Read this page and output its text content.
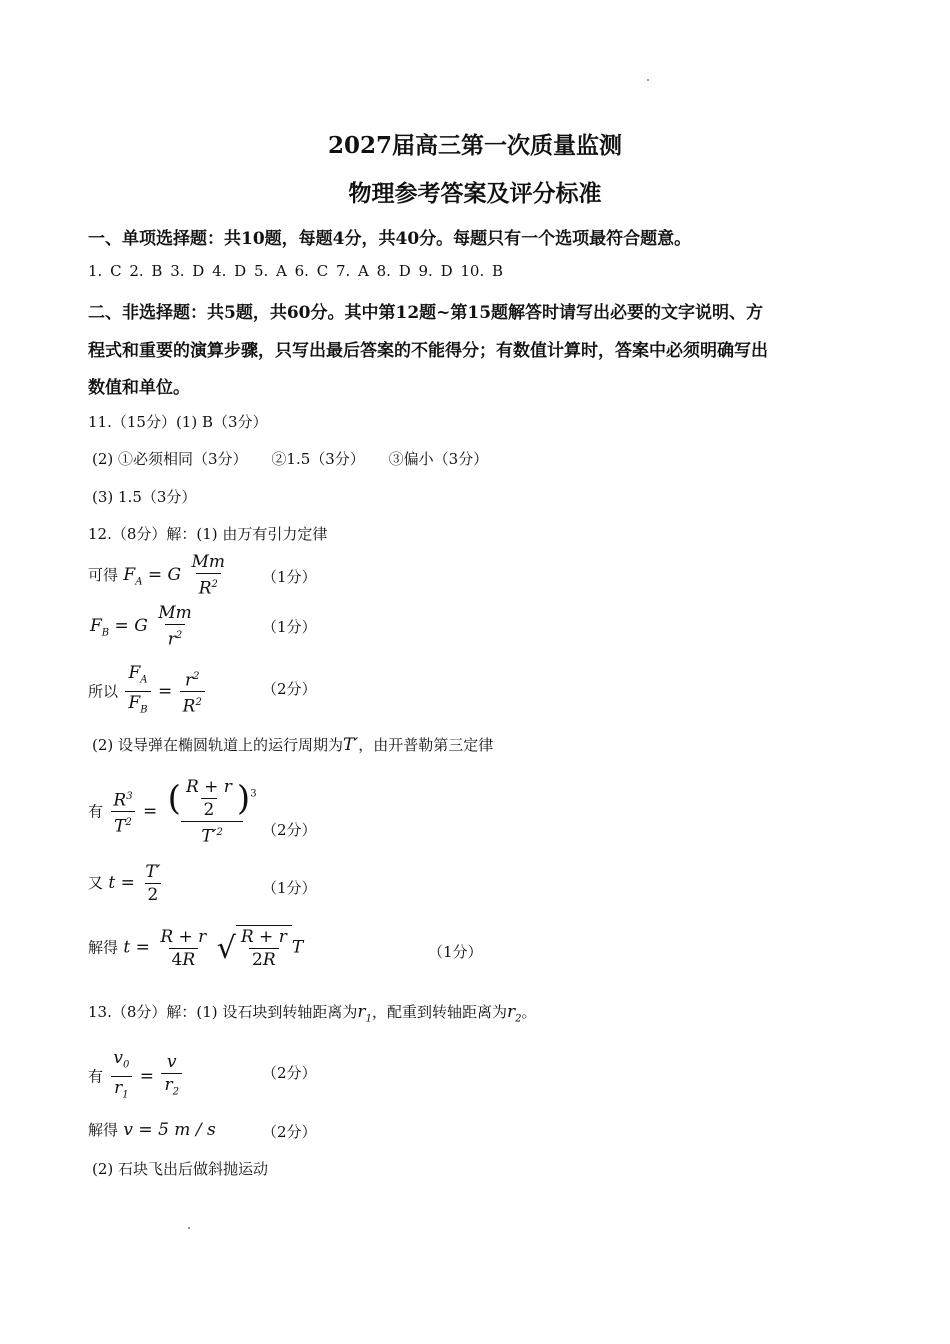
2027届高三第一次质量监测
物理参考答案及评分标准
一、单项选择题：共10题，每题4分，共40分。每题只有一个选项最符合题意。
1. C 2. B 3. D 4. D 5. A 6. C 7. A 8. D 9. D 10. B
二、非选择题：共5题，共60分。其中第12题~第15题解答时请写出必要的文字说明、方
程式和重要的演算步骤，只写出最后答案的不能得分；有数值计算时，答案中必须明确写出
数值和单位。
11.（15分）(1) B（3分）
(2) ①必须相同（3分）     ②1.5（3分）     ③偏小（3分）
(3) 1.5（3分）
12.（8分）解：(1) 由万有引力定律
可得 $F_A = G \frac{Mm}{R^2} (1$分）
$F_B = G \frac{Mm}{r^2}$	（1分）
所以 $\frac{F_A}{F_B} = \frac{r^2}{R^2}$	（2分）
(2) 设导弹在椭圆轨道上的运行周期为T′，由开普勒第三定律
有 $\frac{R^3}{T^2} = \frac{( \frac{R + r}{2} )^3}{T'^2} (2$分）
又 $t = \frac{T'}{2}$	（1分）
解得 $t = \frac{R + r}{4R}$
√ $\frac{R + r}{2R}$ T	（1分）
13.（8分）解：(1) 设石块到转轴距离为$r_1$，配重到转轴距离为$r_2$。
有 $\frac{v_0}{r_1} = \frac{v}{r_2}$	（2分）
解得 v = 5 m / s	（2分）
(2) 石块飞出后做斜抛运动
